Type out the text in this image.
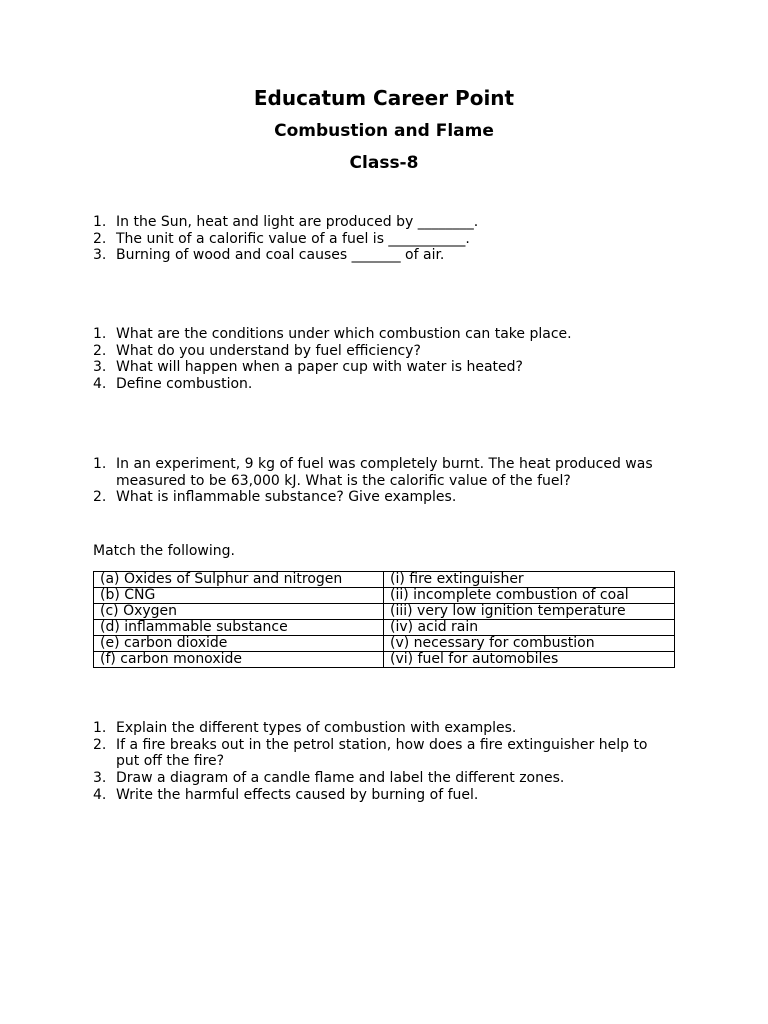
Educatum Career Point
Combustion and Flame
Class-8
1. In the Sun, heat and light are produced by ________.
2. The unit of a calorific value of a fuel is ___________.
3. Burning of wood and coal causes _______ of air.
1. What are the conditions under which combustion can take place.
2. What do you understand by fuel efficiency?
3. What will happen when a paper cup with water is heated?
4. Define combustion.
1. In an experiment, 9 kg of fuel was completely burnt. The heat produced was measured to be 63,000 kJ. What is the calorific value of the fuel?
2. What is inflammable substance? Give examples.

Match the following.

(a) Oxides of Sulphur and nitrogen	(i) fire extinguisher
(b) CNG	(ii) incomplete combustion of coal
(c) Oxygen	(iii) very low ignition temperature
(d) inflammable substance	(iv) acid rain
(e) carbon dioxide	(v) necessary for combustion
(f) carbon monoxide	(vi) fuel for automobiles
1. Explain the different types of combustion with examples.
2. If a fire breaks out in the petrol station, how does a fire extinguisher help to put off the fire?
3. Draw a diagram of a candle flame and label the different zones.
4. Write the harmful effects caused by burning of fuel.
